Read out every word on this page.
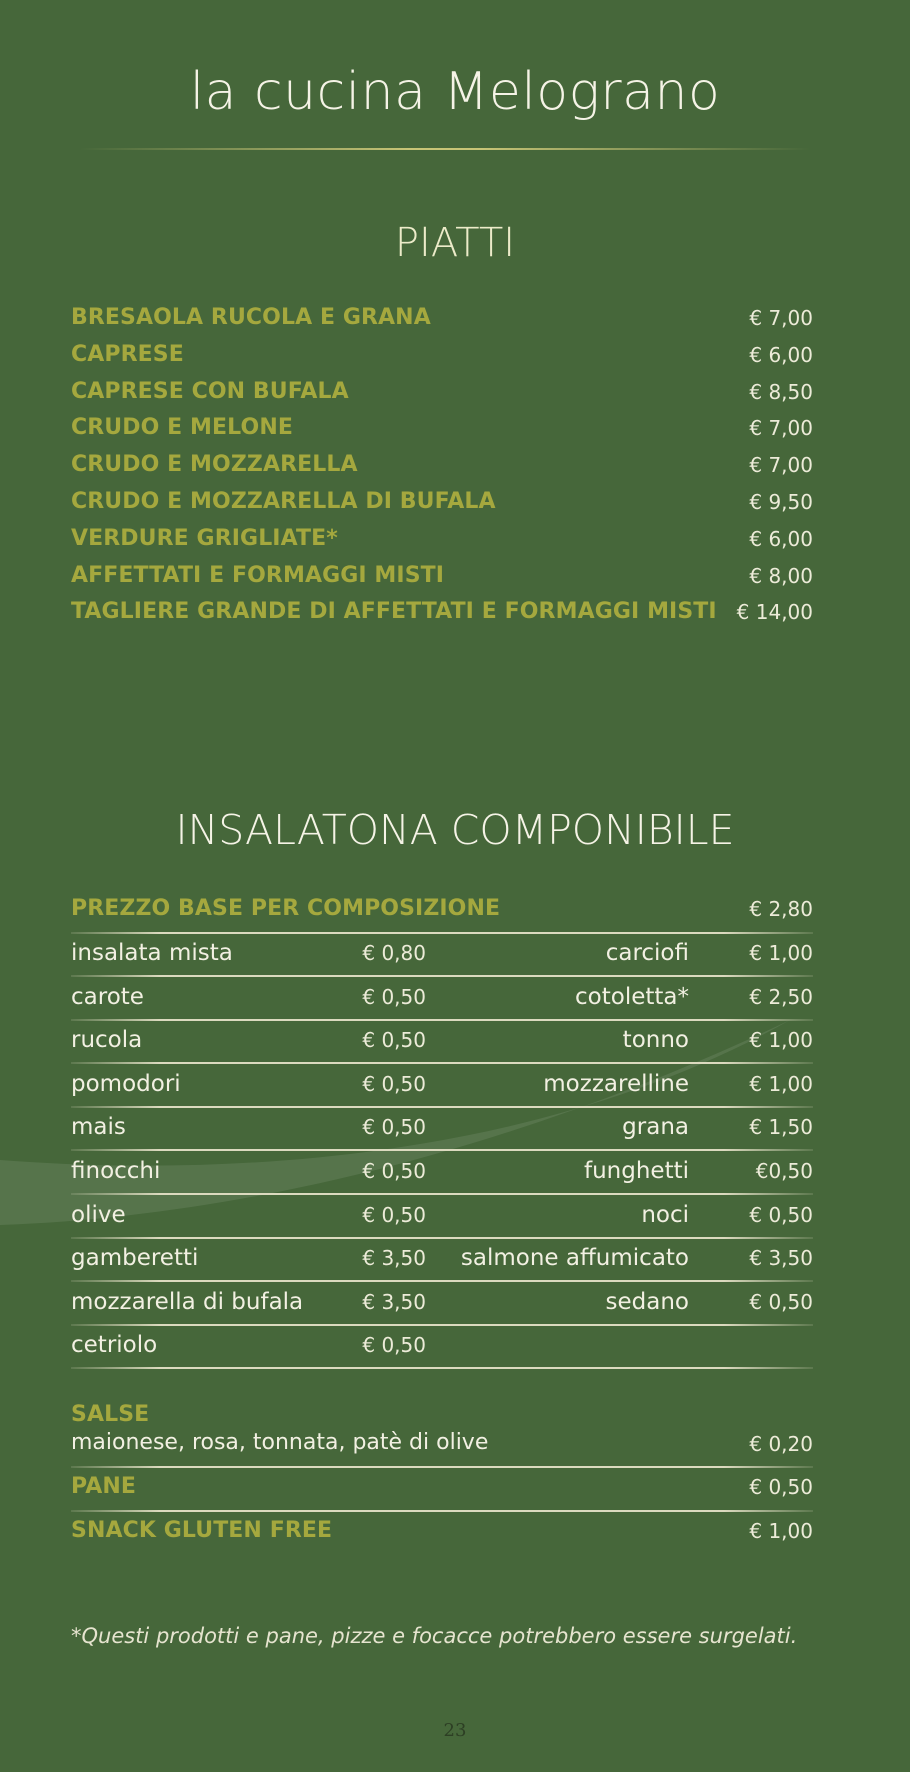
la cucina Melograno
PIATTI
BRESAOLA RUCOLA E GRANA	€ 7,00
CAPRESE	€ 6,00
CAPRESE CON BUFALA	€ 8,50
CRUDO E MELONE	€ 7,00
CRUDO E MOZZARELLA	€ 7,00
CRUDO E MOZZARELLA DI BUFALA	€ 9,50
VERDURE GRIGLIATE*	€ 6,00
AFFETTATI E FORMAGGI MISTI	€ 8,00
TAGLIERE GRANDE DI AFFETTATI E FORMAGGI MISTI € 14,00
INSALATONA COMPONIBILE
PREZZO BASE PER COMPOSIZIONE	€ 2,80
insalata mista	€ 0,80	carciofi	€ 1,00
carote	€ 0,50	cotoletta*	€ 2,50
rucola	€ 0,50	tonno	€ 1,00
pomodori	€ 0,50	mozzarelline	€ 1,00
mais	€ 0,50	grana	€ 1,50
finocchi	€ 0,50	funghetti	€0,50
olive	€ 0,50	noci	€ 0,50
gamberetti	€ 3,50 salmone affumicato	€ 3,50
mozzarella di bufala	€ 3,50	sedano	€ 0,50
cetriolo	€ 0,50
SALSE
maionese, rosa, tonnata, patè di olive	€ 0,20
PANE	€ 0,50
SNACK GLUTEN FREE	€ 1,00
*Questi prodotti e pane, pizze e focacce potrebbero essere surgelati.
23
